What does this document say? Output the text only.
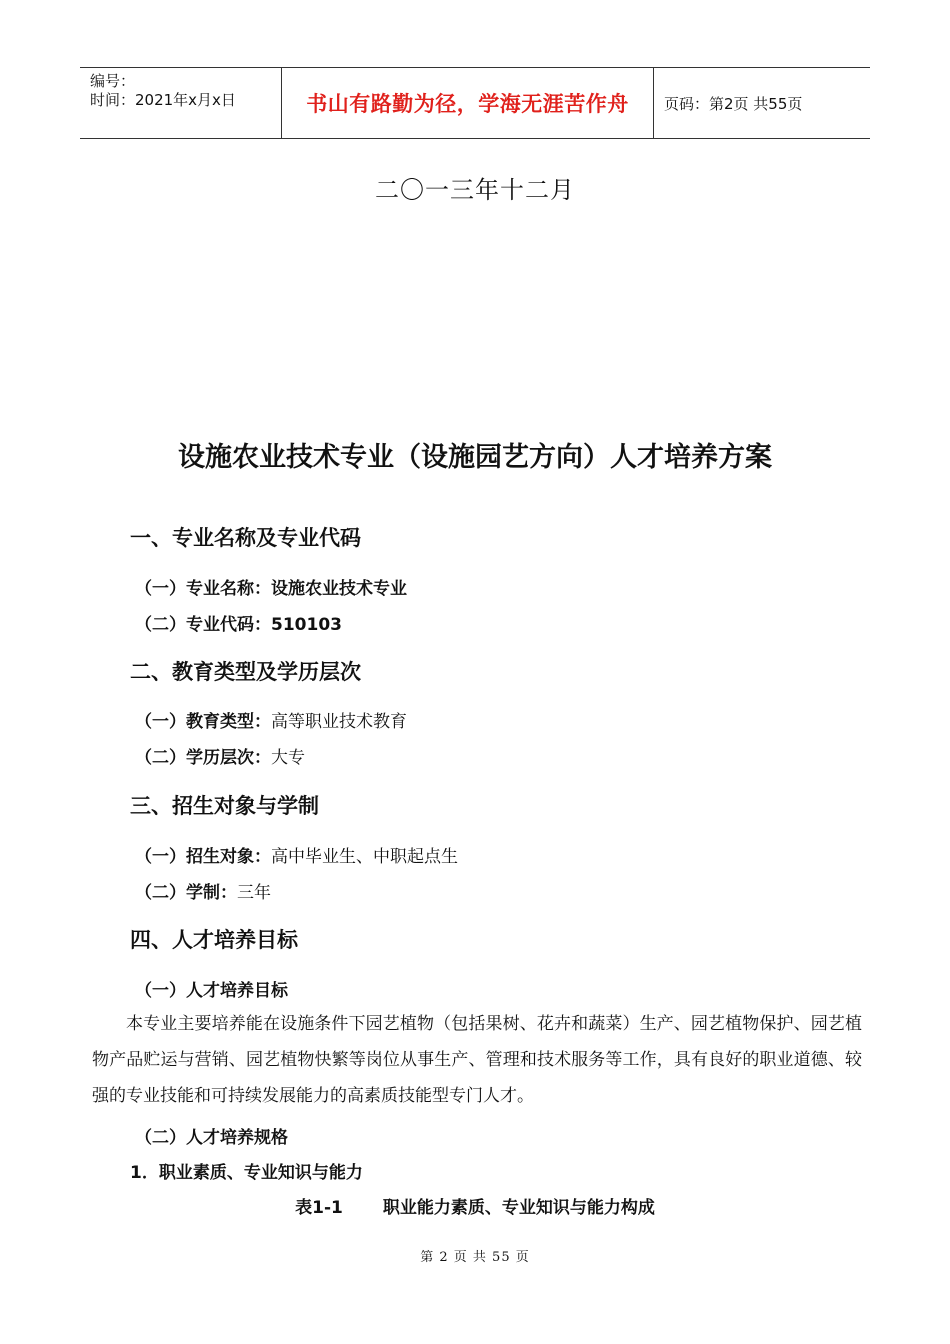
编号：
时间：2021年x月x日	书山有路勤为径，学海无涯苦作舟	页码：第2页 共55页
二〇一三年十二月
设施农业技术专业（设施园艺方向）人才培养方案
一、专业名称及专业代码
（一）专业名称：设施农业技术专业
（二）专业代码：510103
二、教育类型及学历层次
（一）教育类型：高等职业技术教育
（二）学历层次：大专
三、招生对象与学制
（一）招生对象：高中毕业生、中职起点生
（二）学制：三年
四、人才培养目标
（一）人才培养目标
本专业主要培养能在设施条件下园艺植物（包括果树、花卉和蔬菜）生产、园艺植物保护、园艺植物产品贮运与营销、园艺植物快繁等岗位从事生产、管理和技术服务等工作，具有良好的职业道德、较强的专业技能和可持续发展能力的高素质技能型专门人才。
（二）人才培养规格
1．职业素质、专业知识与能力
表1-1 职业能力素质、专业知识与能力构成
第 2 页 共 55 页
